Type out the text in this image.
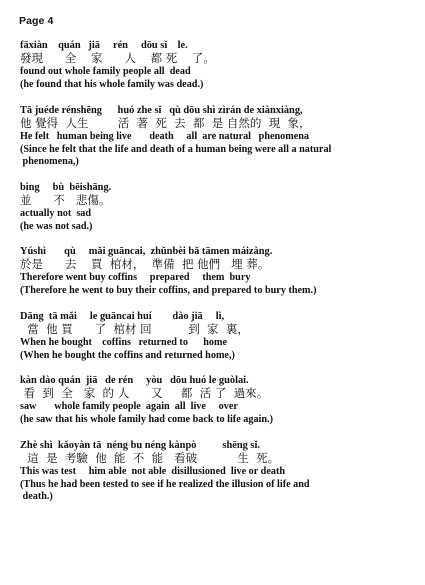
Page 4
fāxiàn    quán   jiā     rén     dōu sǐ    le.
發現      全    家      人    都 死    了。
found out whole family people all  dead
(he found that his whole family was dead.)
Tā juéde rénshēng      huó zhe sǐ   qù dōu shì zìrán de xiànxiàng,
他 覺得  人生        活  著  死  去  都  是 自然的  現  象，
He felt   human being live       death     all  are natural   phenomena
(Since he felt that the life and death of a human being were all a natural
phenomena,)
bìng     bù  bēishāng.
並      不   悲傷。
actually not  sad
(he was not sad.)
Yúshì       qù     mǎi guāncai,  zhǔnbèi bǎ tāmen máizàng.
於是      去    買  棺材，  準備  把 他們   埋 葬。
Therefore went buy coffins     prepared     them  bury
(Therefore he went to buy their coffins, and prepared to bury them.)
Dāng  tā mǎi     le guāncai huí        dào jiā     lì,
當  他 買      了  棺材 回          到  家  裏，
When he bought    coffins   returned to      home
(When he bought the coffins and returned home,)
kàn dào quán  jiā   de rén     yòu   dōu huó le guòlai.
看  到  全   家  的 人      又     都  活 了  過來。
saw       whole family people  again  all  live     over
(he saw that his whole family had come back to life again.)
Zhè shì  kǎoyàn tā  néng bu néng kànpò          shēng sǐ.
這  是  考驗  他  能  不  能   看破           生  死。
This was test     him able  not able  disillusioned  live or death
(Thus he had been tested to see if he realized the illusion of life and
death.)
